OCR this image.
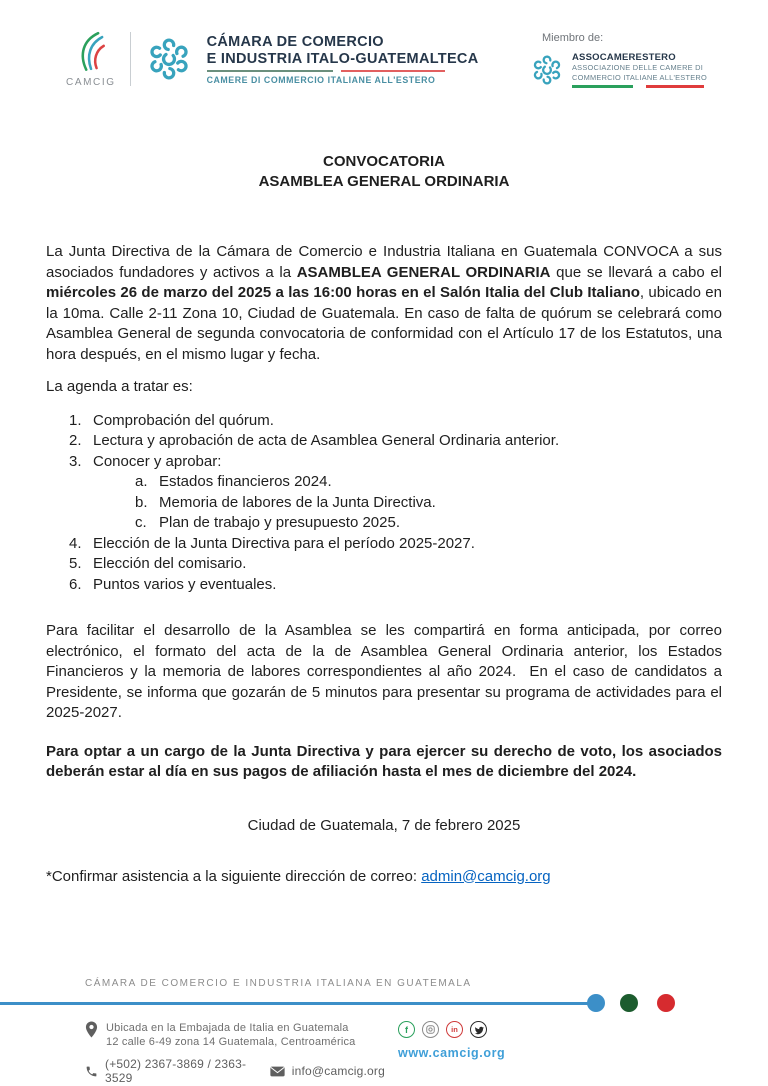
CAMCIG
CÁMARA DE COMERCIO
E INDUSTRIA ITALO-GUATEMALTECA
CAMERE DI COMMERCIO ITALIANE ALL'ESTERO
Miembro de:
ASSOCAMERESTERO
ASSOCIAZIONE DELLE CAMERE DI
COMMERCIO ITALIANE ALL'ESTERO
CONVOCATORIA
ASAMBLEA GENERAL ORDINARIA

La Junta Directiva de la Cámara de Comercio e Industria Italiana en Guatemala CONVOCA a sus asociados fundadores y activos a la ASAMBLEA GENERAL ORDINARIA que se llevará a cabo el miércoles 26 de marzo del 2025 a las 16:00 horas en el Salón Italia del Club Italiano, ubicado en la 10ma. Calle 2-11 Zona 10, Ciudad de Guatemala. En caso de falta de quórum se celebrará como Asamblea General de segunda convocatoria de conformidad con el Artículo 17 de los Estatutos, una hora después, en el mismo lugar y fecha.

La agenda a tratar es:

1. Comprobación del quórum.
2. Lectura y aprobación de acta de Asamblea General Ordinaria anterior.
3. Conocer y aprobar:
a. Estados financieros 2024.
b. Memoria de labores de la Junta Directiva.
c. Plan de trabajo y presupuesto 2025.
4. Elección de la Junta Directiva para el período 2025-2027.
5. Elección del comisario.
6. Puntos varios y eventuales.

Para facilitar el desarrollo de la Asamblea se les compartirá en forma anticipada, por correo electrónico, el formato del acta de la de Asamblea General Ordinaria anterior, los Estados Financieros y la memoria de labores correspondientes al año 2024.  En el caso de candidatos a Presidente, se informa que gozarán de 5 minutos para presentar su programa de actividades para el 2025-2027.

Para optar a un cargo de la Junta Directiva y para ejercer su derecho de voto, los asociados deberán estar al día en sus pagos de afiliación hasta el mes de diciembre del 2024.

Ciudad de Guatemala, 7 de febrero 2025

*Confirmar asistencia a la siguiente dirección de correo: admin@camcig.org

CÁMARA DE COMERCIO E INDUSTRIA ITALIANA EN GUATEMALA
Ubicada en la Embajada de Italia en Guatemala
12 calle 6-49 zona 14 Guatemala, Centroamérica
(+502) 2367-3869 / 2363-3529	info@camcig.org
f	in
www.camcig.org
